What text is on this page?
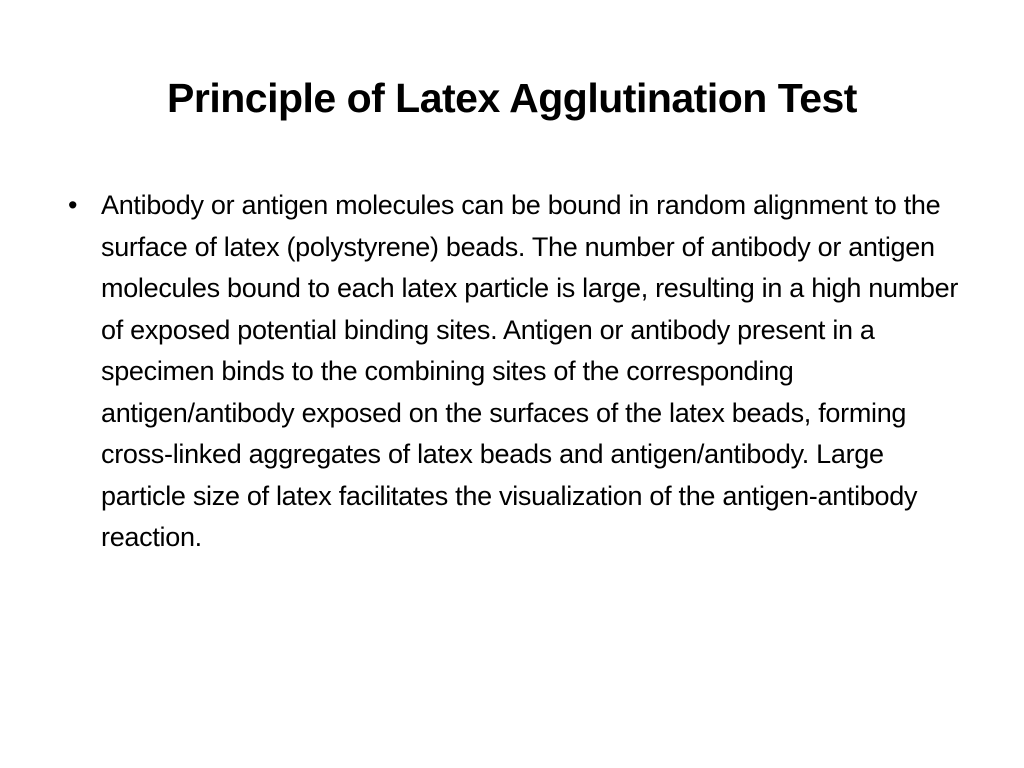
Principle of Latex Agglutination Test
• Antibody or antigen molecules can be bound in random alignment to the surface of latex (polystyrene) beads. The number of antibody or antigen molecules bound to each latex particle is large, resulting in a high number of exposed potential binding sites. Antigen or antibody present in a specimen binds to the combining sites of the corresponding antigen/antibody exposed on the surfaces of the latex beads, forming cross-linked aggregates of latex beads and antigen/antibody. Large particle size of latex facilitates the visualization of the antigen-antibody reaction.
